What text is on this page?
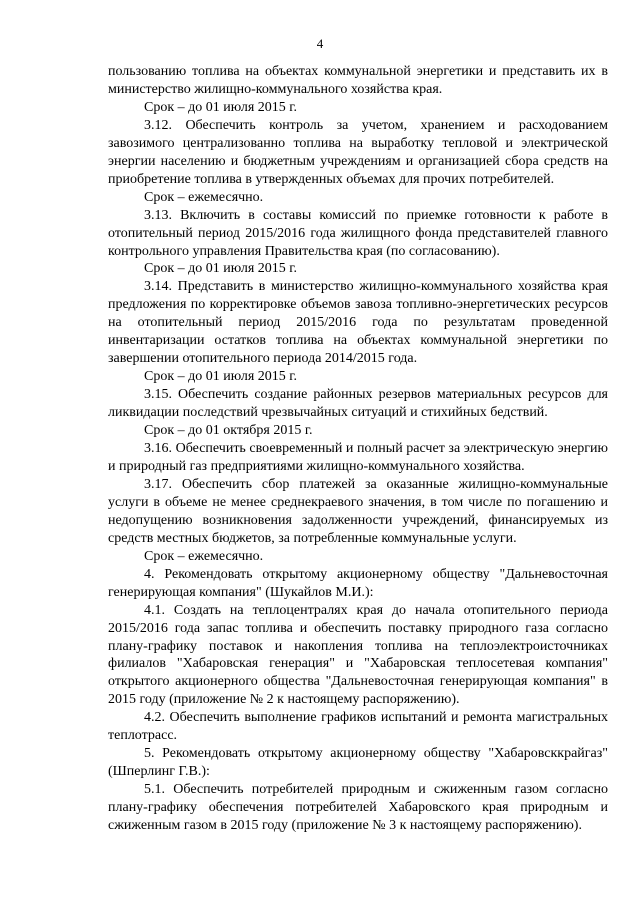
4

пользованию топлива на объектах коммунальной энергетики и представить их в министерство жилищно-коммунального хозяйства края.

Срок – до 01 июля 2015 г.

3.12. Обеспечить контроль за учетом, хранением и расходованием завозимого централизованно топлива на выработку тепловой и электрической энергии населению и бюджетным учреждениям и организацией сбора средств на приобретение топлива в утвержденных объемах для прочих потребителей.

Срок – ежемесячно.

3.13. Включить в составы комиссий по приемке готовности к работе в отопительный период 2015/2016 года жилищного фонда представителей главного контрольного управления Правительства края (по согласованию).

Срок – до 01 июля 2015 г.

3.14. Представить в министерство жилищно-коммунального хозяйства края предложения по корректировке объемов завоза топливно-энергетических ресурсов на отопительный период 2015/2016 года по результатам проведенной инвентаризации остатков топлива на объектах коммунальной энергетики по завершении отопительного периода 2014/2015 года.

Срок – до 01 июля 2015 г.

3.15. Обеспечить создание районных резервов материальных ресурсов для ликвидации последствий чрезвычайных ситуаций и стихийных бедствий.

Срок – до 01 октября 2015 г.

3.16. Обеспечить своевременный и полный расчет за электрическую энергию и природный газ предприятиями жилищно-коммунального хозяйства.

3.17. Обеспечить сбор платежей за оказанные жилищно-коммунальные услуги в объеме не менее среднекраевого значения, в том числе по погашению и недопущению возникновения задолженности учреждений, финансируемых из средств местных бюджетов, за потребленные коммунальные услуги.

Срок – ежемесячно.

4. Рекомендовать открытому акционерному обществу "Дальневосточная генерирующая компания" (Шукайлов М.И.):

4.1. Создать на теплоцентралях края до начала отопительного периода 2015/2016 года запас топлива и обеспечить поставку природного газа согласно плану-графику поставок и накопления топлива на теплоэлектроисточниках филиалов "Хабаровская генерация" и "Хабаровская теплосетевая компания" открытого акционерного общества "Дальневосточная генерирующая компания" в 2015 году (приложение № 2 к настоящему распоряжению).

4.2. Обеспечить выполнение графиков испытаний и ремонта магистральных теплотрасс.

5. Рекомендовать открытому акционерному обществу "Хабаровсккрайгаз" (Шперлинг Г.В.):

5.1. Обеспечить потребителей природным и сжиженным газом согласно плану-графику обеспечения потребителей Хабаровского края природным и сжиженным газом в 2015 году (приложение № 3 к настоящему распоряжению).
